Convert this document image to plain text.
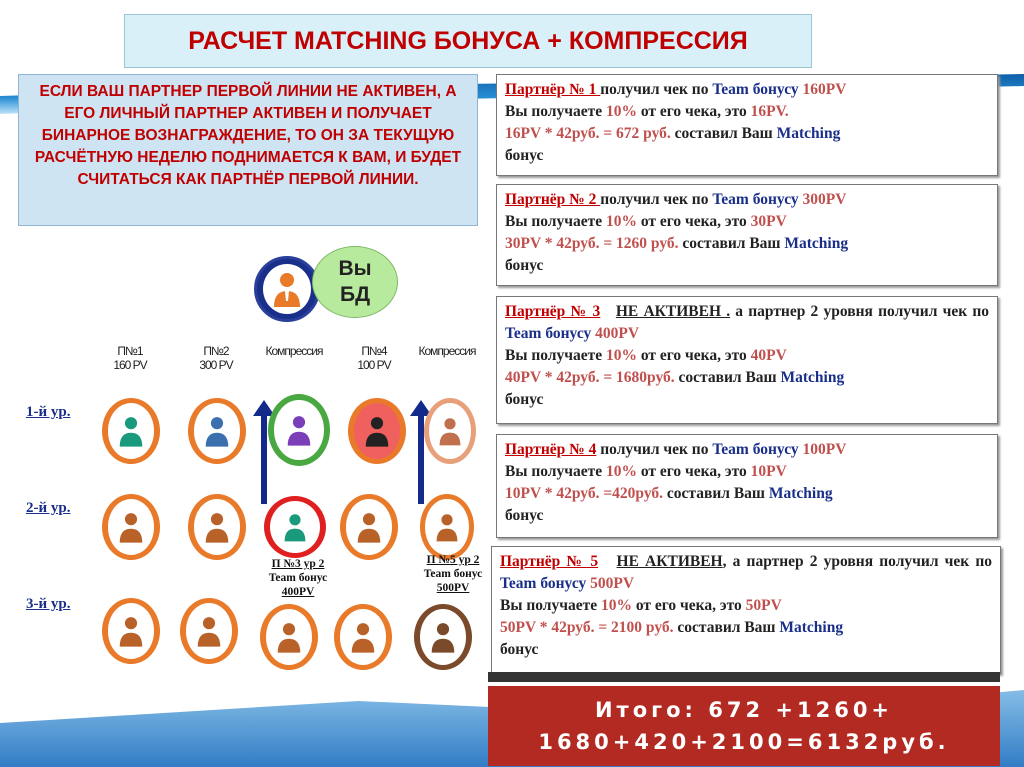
РАСЧЕТ MATCHING БОНУСА + КОМПРЕССИЯ
ЕСЛИ ВАШ ПАРТНЕР ПЕРВОЙ ЛИНИИ НЕ АКТИВЕН, А ЕГО ЛИЧНЫЙ ПАРТНЕР АКТИВЕН И ПОЛУЧАЕТ БИНАРНОЕ ВОЗНАГРАЖДЕНИЕ, ТО ОН ЗА ТЕКУЩУЮ РАСЧЁТНУЮ НЕДЕЛЮ ПОДНИМАЕТСЯ К ВАМ, И БУДЕТ СЧИТАТЬСЯ КАК ПАРТНЁР ПЕРВОЙ ЛИНИИ.
Вы
БД
П№1
160 PV
П№2
300 PV
Компрессия	П№4
100 PV
Компрессия
1-й ур.
2-й ур.
3-й ур.
П №3 ур 2
Team бонус
400PV
П №5 ур 2
Team бонус
500PV
Партнёр № 1 получил чек по Team бонусу 160PV
Вы получаете 10% от его чека, это 16PV.
16PV * 42руб. = 672 руб. составил Ваш Matching
бонус
Партнёр № 2 получил чек по Team бонусу 300PV
Вы получаете 10% от его чека, это 30PV
30PV * 42руб. = 1260 руб. составил Ваш Matching
бонус
Партнёр № 3 НЕ АКТИВЕН . а партнер 2 уровня получил чек по Team бонусу 400PV
Вы получаете 10% от его чека, это 40PV
40PV * 42руб. = 1680руб. составил Ваш Matching
бонус
Партнёр № 4 получил чек по Team бонусу 100PV
Вы получаете 10% от его чека, это 10PV
10PV * 42руб. =420руб. составил Ваш Matching
бонус
Партнёр № 5 НЕ АКТИВЕН, а партнер 2 уровня получил чек по Team бонусу 500PV
Вы получаете 10% от его чека, это 50PV
50PV * 42руб. = 2100 руб. составил Ваш Matching
бонус
Итого: 672 +1260+
1680+420+2100=6132руб.
